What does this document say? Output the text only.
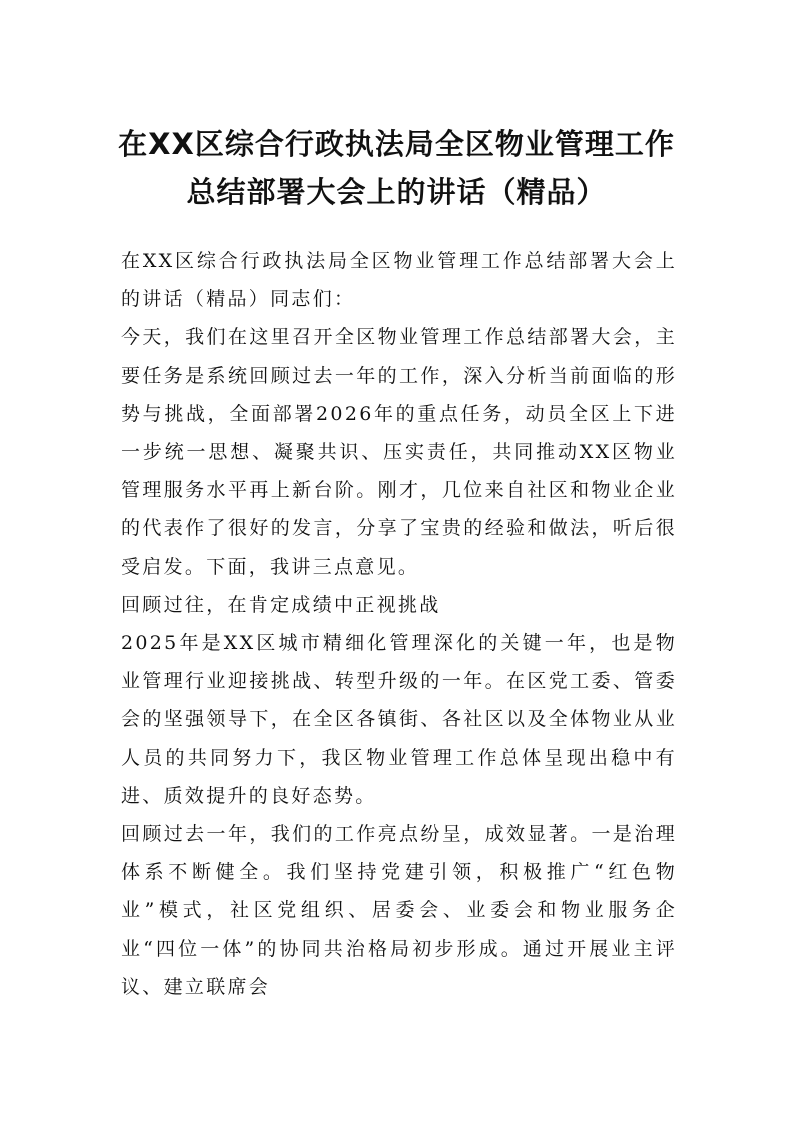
在XX区综合行政执法局全区物业管理工作
总结部署大会上的讲话（精品）

在XX区综合行政执法局全区物业管理工作总结部署大会上的讲话（精品）同志们：

今天，我们在这里召开全区物业管理工作总结部署大会，主要任务是系统回顾过去一年的工作，深入分析当前面临的形势与挑战，全面部署2026年的重点任务，动员全区上下进一步统一思想、凝聚共识、压实责任，共同推动XX区物业管理服务水平再上新台阶。刚才，几位来自社区和物业企业的代表作了很好的发言，分享了宝贵的经验和做法，听后很受启发。下面，我讲三点意见。

回顾过往，在肯定成绩中正视挑战

2025年是XX区城市精细化管理深化的关键一年，也是物业管理行业迎接挑战、转型升级的一年。在区党工委、管委会的坚强领导下，在全区各镇街、各社区以及全体物业从业人员的共同努力下，我区物业管理工作总体呈现出稳中有进、质效提升的良好态势。

回顾过去一年，我们的工作亮点纷呈，成效显著。一是治理体系不断健全。我们坚持党建引领，积极推广“红色物业”模式，社区党组织、居委会、业委会和物业服务企业“四位一体”的协同共治格局初步形成。通过开展业主评议、建立联席会
